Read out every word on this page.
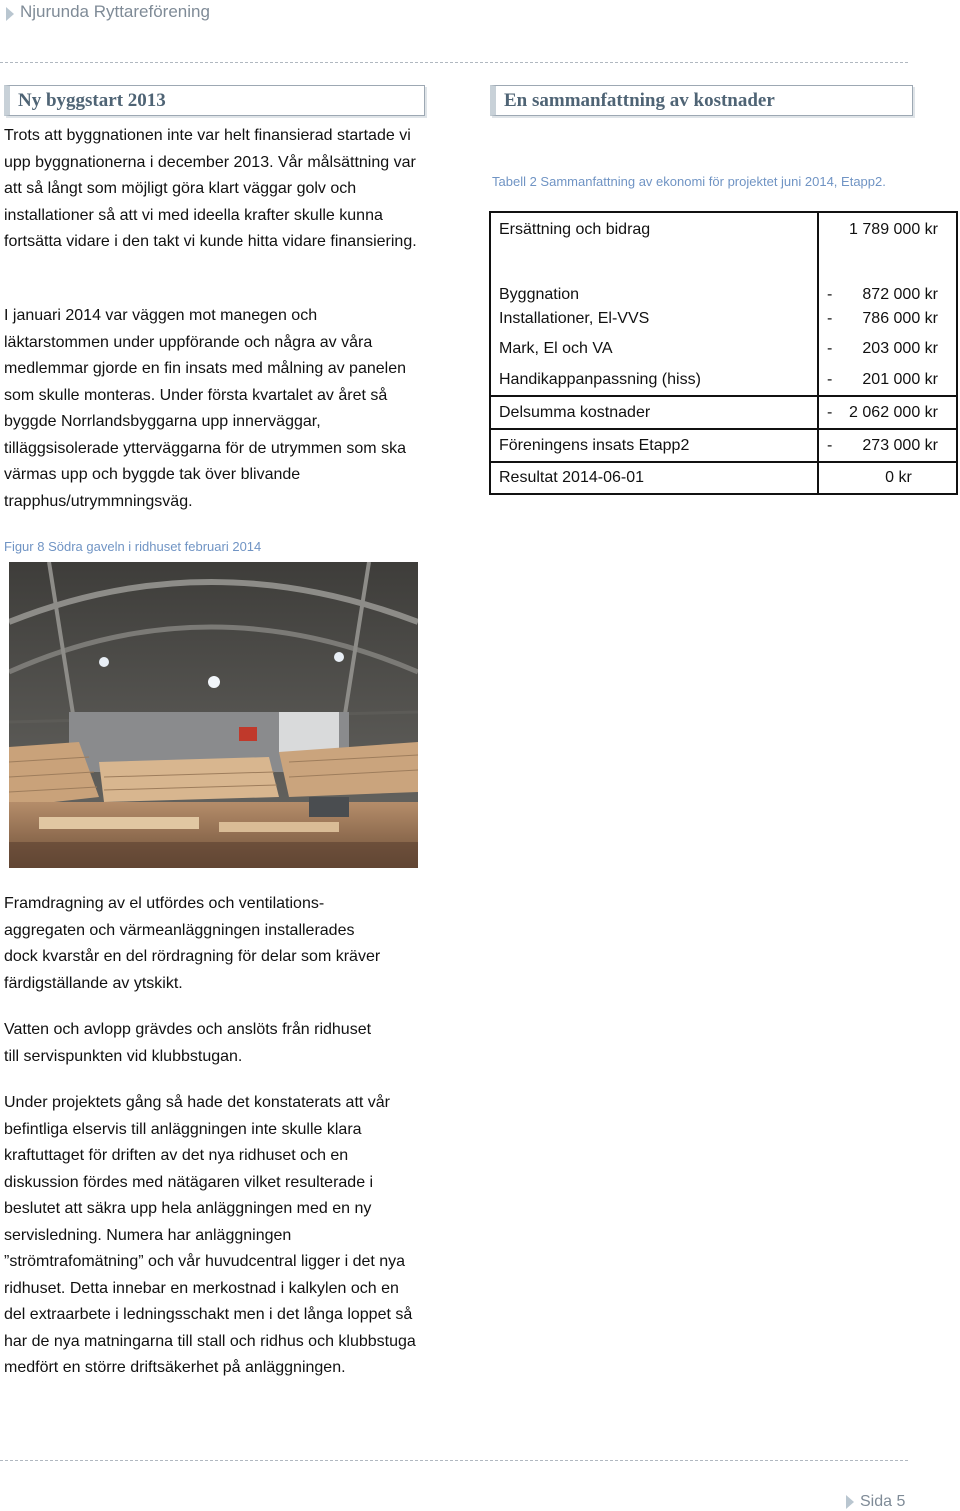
Njurunda Ryttareförening
Ny byggstart 2013

Trots att byggnationen inte var helt finansierad startade vi upp byggnationerna i december 2013. Vår målsättning var att så långt som möjligt göra klart väggar golv och installationer så att vi med ideella krafter skulle kunna fortsätta vidare i den takt vi kunde hitta vidare finansiering.

I januari 2014 var väggen mot manegen och läktarstommen under uppförande och några av våra medlemmar gjorde en fin insats med målning av panelen som skulle monteras. Under första kvartalet av året så byggde Norrlandsbyggarna upp innerväggar, tilläggsisolerade ytterväggarna för de utrymmen som ska värmas upp och byggde tak över blivande trapphus/utrymmningsväg.

En sammanfattning av kostnader

Tabell 2 Sammanfattning av ekonomi för projektet juni 2014, Etapp2.

Ersättning och bidrag	1 789 000 kr
Byggnation	- 872 000 kr

Installationer, El-VVS	- 786 000 kr

Mark, El och VA	- 203 000 kr

Handikappanpassning (hiss)	- 201 000 kr

Delsumma kostnader	- 2 062 000 kr

Föreningens insats Etapp2	- 273 000 kr

Resultat 2014-06-01	0 kr

Figur 8 Södra gaveln i ridhuset februari 2014

Framdragning av el utfördes och ventilations-aggregaten och värmeanläggningen installerades dock kvarstår en del rördragning för delar som kräver färdigställande av ytskikt.

Vatten och avlopp grävdes och anslöts från ridhuset till servispunkten vid klubbstugan.

Under projektets gång så hade det konstaterats att vår befintliga elservis till anläggningen inte skulle klara kraftuttaget för driften av det nya ridhuset och en diskussion fördes med nätägaren vilket resulterade i beslutet att säkra upp hela anläggningen med en ny servisledning. Numera har anläggningen ”strömtrafomätning” och vår huvudcentral ligger i det nya ridhuset. Detta innebar en merkostnad i kalkylen och en del extraarbete i ledningsschakt men i det långa loppet så har de nya matningarna till stall och ridhus och klubbstuga medfört en större driftsäkerhet på anläggningen.

Sida 5
